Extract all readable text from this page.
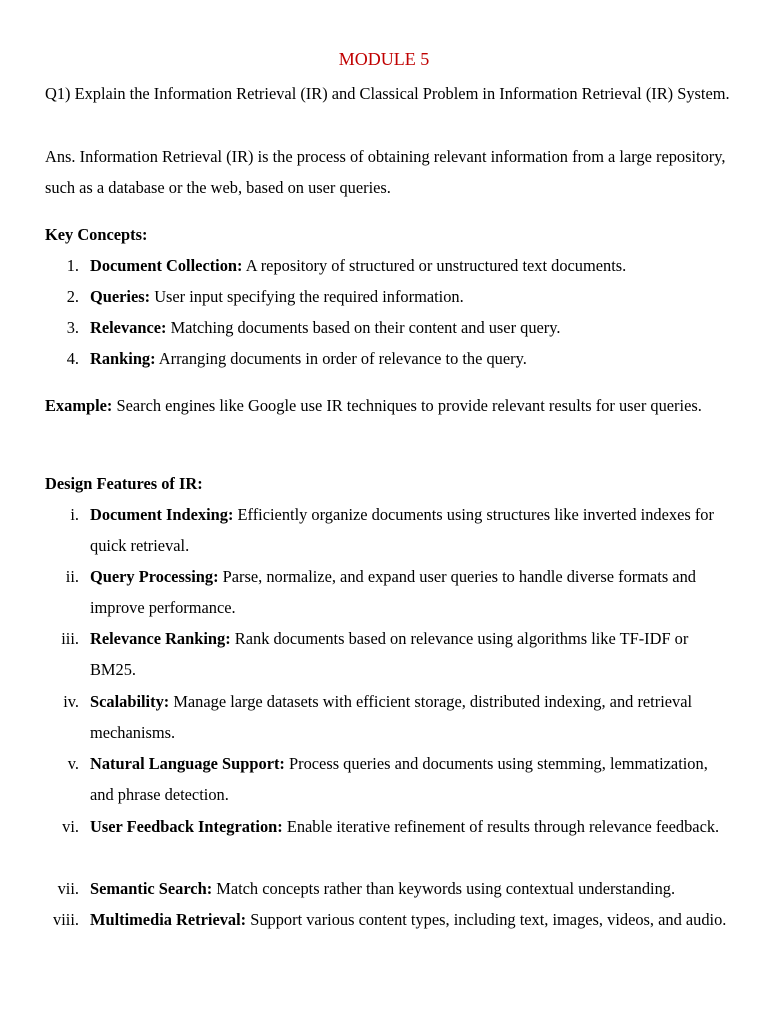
MODULE 5
Q1) Explain the Information Retrieval (IR) and Classical Problem in Information Retrieval (IR) System.
Ans. Information Retrieval (IR) is the process of obtaining relevant information from a large repository, such as a database or the web, based on user queries.
Key Concepts:
1. Document Collection: A repository of structured or unstructured text documents.
2. Queries: User input specifying the required information.
3. Relevance: Matching documents based on their content and user query.
4. Ranking: Arranging documents in order of relevance to the query.
Example: Search engines like Google use IR techniques to provide relevant results for user queries.
Design Features of IR:
i. Document Indexing: Efficiently organize documents using structures like inverted indexes for quick retrieval.
ii. Query Processing: Parse, normalize, and expand user queries to handle diverse formats and improve performance.
iii. Relevance Ranking: Rank documents based on relevance using algorithms like TF-IDF or BM25.
iv. Scalability: Manage large datasets with efficient storage, distributed indexing, and retrieval mechanisms.
v. Natural Language Support: Process queries and documents using stemming, lemmatization, and phrase detection.
vi. User Feedback Integration: Enable iterative refinement of results through relevance feedback.
vii. Semantic Search: Match concepts rather than keywords using contextual understanding.
viii. Multimedia Retrieval: Support various content types, including text, images, videos, and audio.
